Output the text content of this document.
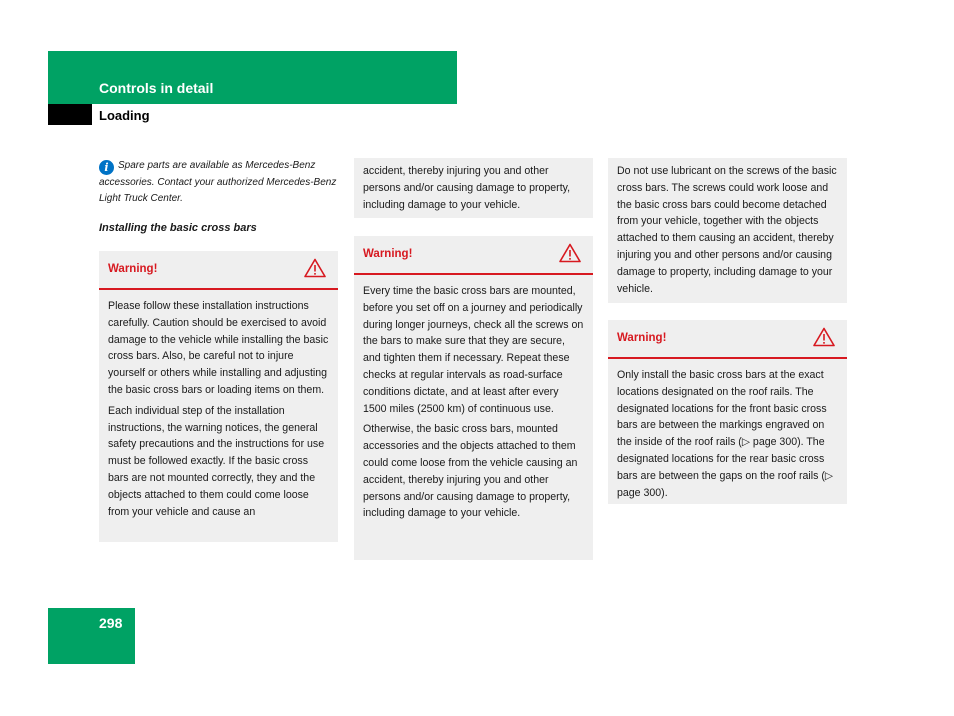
Controls in detail
Loading
i Spare parts are available as Mercedes-Benz accessories. Contact your authorized Mercedes-Benz Light Truck Center.
Installing the basic cross bars
Warning!

Please follow these installation instructions carefully. Caution should be exercised to avoid damage to the vehicle while installing the basic cross bars. Also, be careful not to injure yourself or others while installing and adjusting the basic cross bars or loading items on them.

Each individual step of the installation instructions, the warning notices, the general safety precautions and the instructions for use must be followed exactly. If the basic cross bars are not mounted correctly, they and the objects attached to them could come loose from your vehicle and cause an

accident, thereby injuring you and other persons and/or causing damage to property, including damage to your vehicle.

Warning!

Every time the basic cross bars are mounted, before you set off on a journey and periodically during longer journeys, check all the screws on the bars to make sure that they are secure, and tighten them if necessary. Repeat these checks at regular intervals as road-surface conditions dictate, and at least after every 1500 miles (2500 km) of continuous use.

Otherwise, the basic cross bars, mounted accessories and the objects attached to them could come loose from the vehicle causing an accident, thereby injuring you and other persons and/or causing damage to property, including damage to your vehicle.

Do not use lubricant on the screws of the basic cross bars. The screws could work loose and the basic cross bars could become detached from your vehicle, together with the objects attached to them causing an accident, thereby injuring you and other persons and/or causing damage to property, including damage to your vehicle.

Warning!

Only install the basic cross bars at the exact locations designated on the roof rails. The designated locations for the front basic cross bars are between the markings engraved on the inside of the roof rails (▷ page 300). The designated locations for the rear basic cross bars are between the gaps on the roof rails (▷ page 300).

298
